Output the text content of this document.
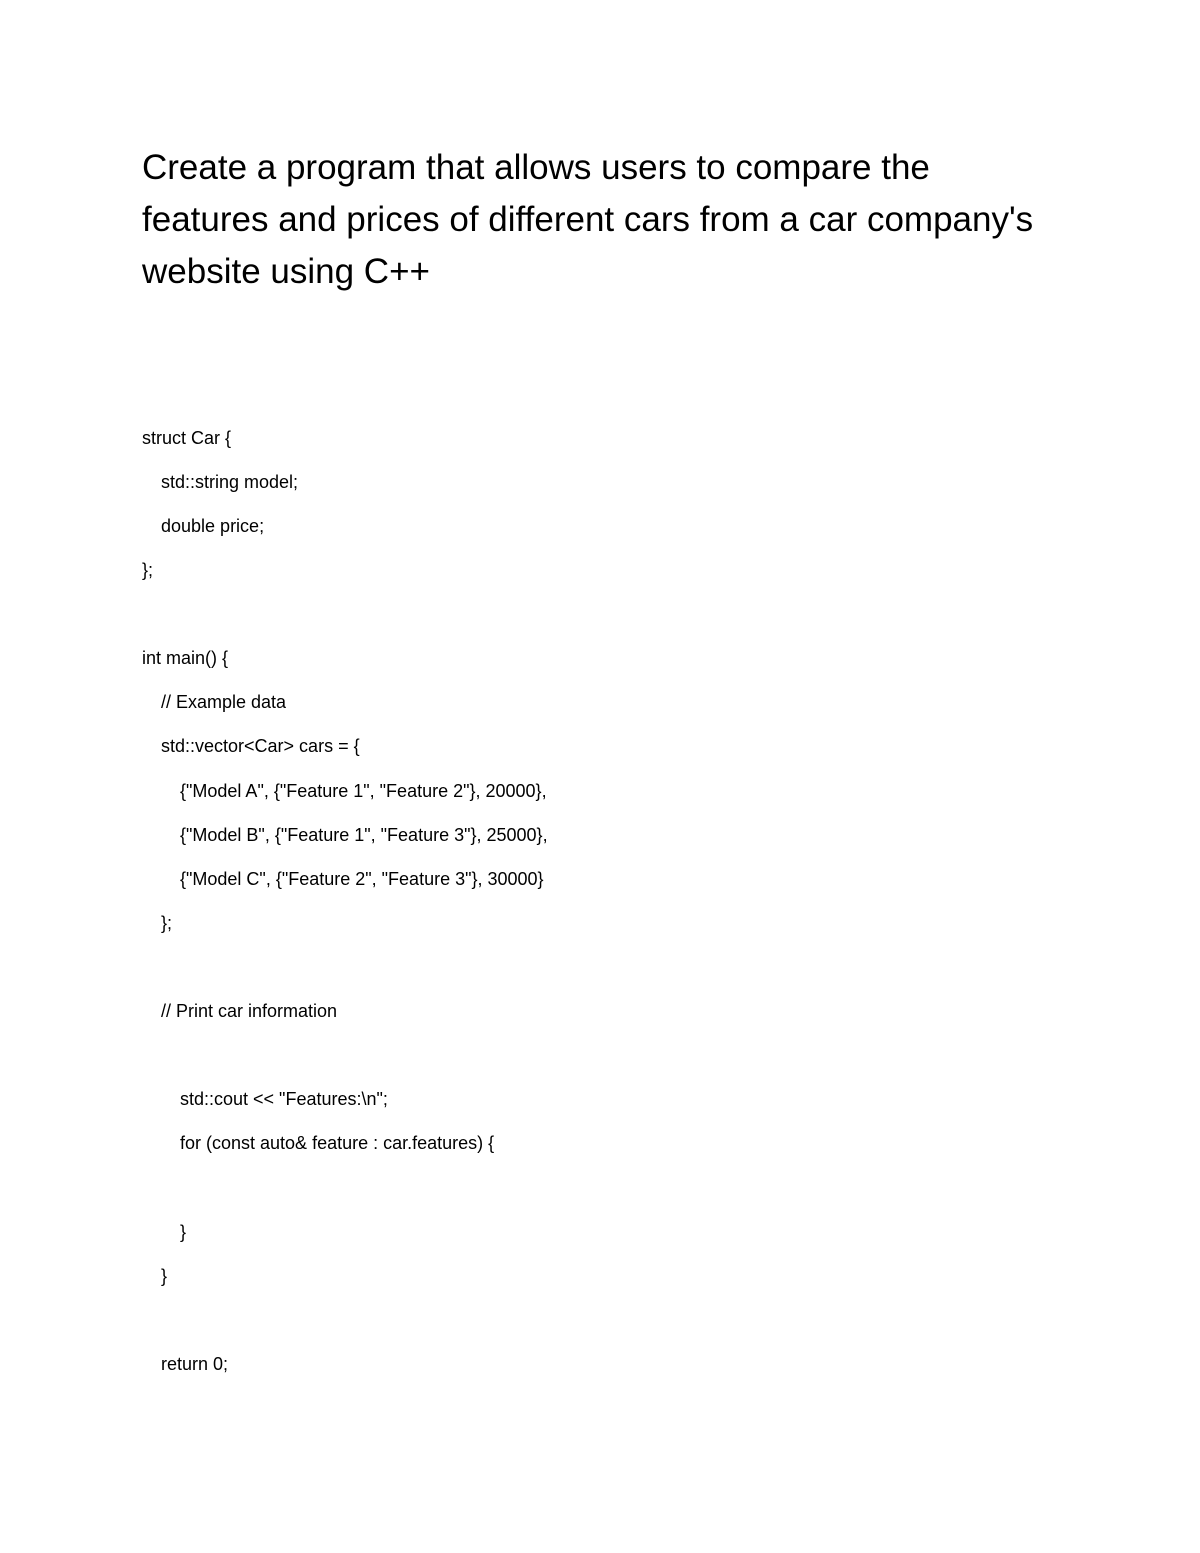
Create a program that allows users to compare the
features and prices of different cars from a car company's
website using C++

struct Car {

std::string model;

double price;

};

int main() {

// Example data

std::vector<Car> cars = {

{"Model A", {"Feature 1", "Feature 2"}, 20000},

{"Model B", {"Feature 1", "Feature 3"}, 25000},

{"Model C", {"Feature 2", "Feature 3"}, 30000}

};

// Print car information

std::cout << "Features:\n";

for (const auto& feature : car.features) {

}

}

return 0;
